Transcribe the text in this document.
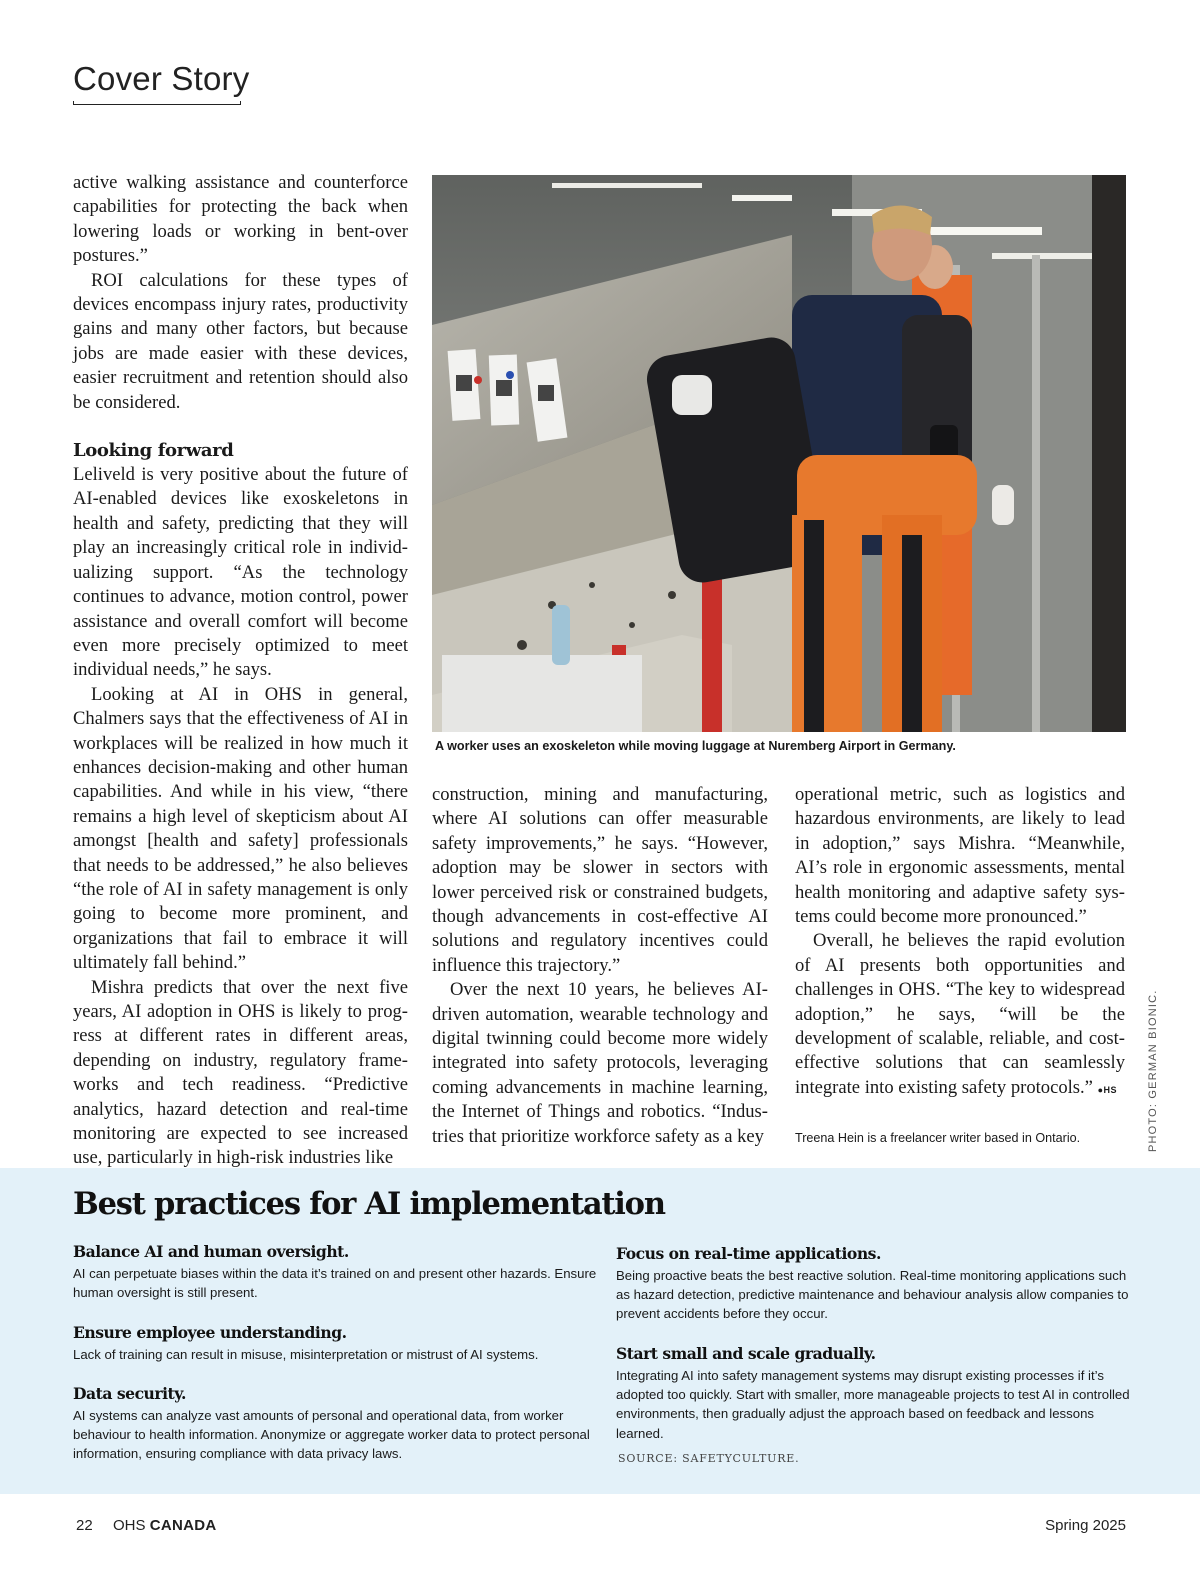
Cover Story

active walking assistance and counterforce capabilities for protecting the back when lowering loads or working in bent-over postures.”

ROI calculations for these types of devices encompass injury rates, productivity gains and many other factors, but because jobs are made easier with these devices, easier recruitment and retention should also be considered.

Looking forward

Leliveld is very positive about the future of AI-enabled devices like exoskeletons in health and safety, predicting that they will play an increasingly critical role in individualizing support. “As the technology continues to advance, motion control, power assistance and overall comfort will become even more precisely optimized to meet individual needs,” he says.

Looking at AI in OHS in general, Chalmers says that the effectiveness of AI in workplaces will be realized in how much it enhances decision-making and other human capabilities. And while in his view, “there remains a high level of skepticism about AI amongst [health and safety] professionals that needs to be addressed,” he also believes “the role of AI in safety management is only going to become more prominent, and organizations that fail to embrace it will ultimately fall behind.”

Mishra predicts that over the next five years, AI adoption in OHS is likely to progress at different rates in different areas, depending on industry, regulatory frameworks and tech readiness. “Predictive analytics, hazard detection and real-time monitoring are expected to see increased use, particularly in high-risk industries like

A worker uses an exoskeleton while moving luggage at Nuremberg Airport in Germany.
PHOTO: GERMAN BIONIC.

construction, mining and manufacturing, where AI solutions can offer measurable safety improvements,” he says. “However, adoption may be slower in sectors with lower perceived risk or constrained budgets, though advancements in cost-effective AI solutions and regulatory incentives could influence this trajectory.”

Over the next 10 years, he believes AI-driven automation, wearable technology and digital twinning could become more widely integrated into safety protocols, leveraging coming advancements in machine learning, the Internet of Things and robotics. “Industries that prioritize workforce safety as a key

operational metric, such as logistics and hazardous environments, are likely to lead in adoption,” says Mishra. “Meanwhile, AI’s role in ergonomic assessments, mental health monitoring and adaptive safety systems could become more pronounced.”

Overall, he believes the rapid evolution of AI presents both opportunities and challenges in OHS. “The key to widespread adoption,” he says, “will be the development of scalable, reliable, and cost-effective solutions that can seamlessly integrate into existing safety protocols.” ●HS

Treena Hein is a freelancer writer based in Ontario.
Best practices for AI implementation
Balance AI and human oversight.

AI can perpetuate biases within the data it’s trained on and present other hazards. Ensure human oversight is still present.

Ensure employee understanding.

Lack of training can result in misuse, misinterpretation or mistrust of AI systems.

Data security.

AI systems can analyze vast amounts of personal and operational data, from worker behaviour to health information. Anonymize or aggregate worker data to protect personal information, ensuring compliance with data privacy laws.

Focus on real-time applications.

Being proactive beats the best reactive solution. Real-time monitoring applications such as hazard detection, predictive maintenance and behaviour analysis allow companies to prevent accidents before they occur.

Start small and scale gradually.

Integrating AI into safety management systems may disrupt existing processes if it’s adopted too quickly. Start with smaller, more manageable projects to test AI in controlled environments, then gradually adjust the approach based on feedback and lessons learned.

SOURCE: SAFETYCULTURE.
22 OHS CANADA	Spring 2025
